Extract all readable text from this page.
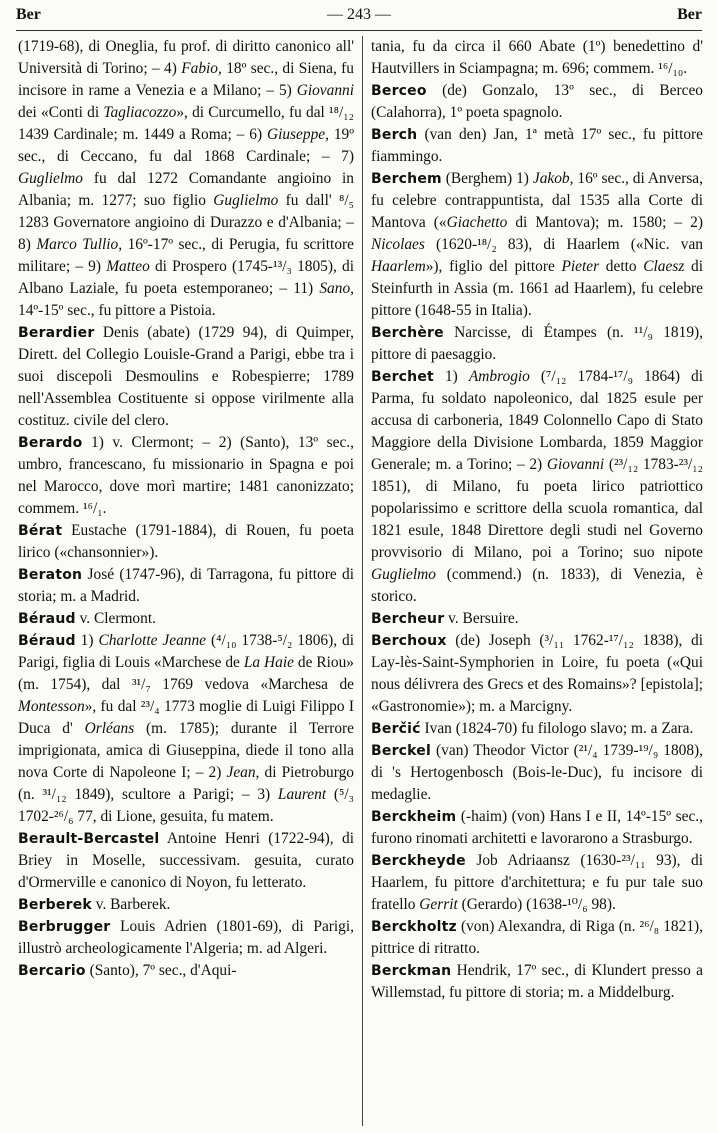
Ber	— 243 —	Ber

(1719-68), di Oneglia, fu prof. di diritto canonico all' Università di Torino; – 4) Fabio, 18º sec., di Siena, fu incisore in rame a Venezia e a Milano; – 5) Giovanni dei «Conti di Tagliacozzo», di Curcumello, fu dal ¹⁸/₁₂ 1439 Cardinale; m. 1449 a Roma; – 6) Giuseppe, 19º sec., di Ceccano, fu dal 1868 Cardinale; – 7) Guglielmo fu dal 1272 Comandante angioino in Albania; m. 1277; suo figlio Guglielmo fu dall' ⁸/₅ 1283 Governatore angioino di Durazzo e d'Albania; – 8) Marco Tullio, 16º-17º sec., di Perugia, fu scrittore militare; – 9) Matteo di Prospero (1745-¹³/₃ 1805), di Albano Laziale, fu poeta estemporaneo; – 11) Sano, 14º-15º sec., fu pittore a Pistoia.

Berardier Denis (abate) (1729 94), di Quimper, Dirett. del Collegio Louisle-Grand a Parigi, ebbe tra i suoi discepoli Desmoulins e Robespierre; 1789 nell'Assemblea Costituente si oppose virilmente alla costituz. civile del clero.

Berardo 1) v. Clermont; – 2) (Santo), 13º sec., umbro, francescano, fu missionario in Spagna e poi nel Marocco, dove morì martire; 1481 canonizzato; commem. ¹⁶/₁.

Bérat Eustache (1791-1884), di Rouen, fu poeta lirico («chansonnier»).

Beraton José (1747-96), di Tarragona, fu pittore di storia; m. a Madrid.

Béraud v. Clermont.

Béraud 1) Charlotte Jeanne (⁴/₁₀ 1738-⁵/₂ 1806), di Parigi, figlia di Louis «Marchese de La Haie de Riou» (m. 1754), dal ³¹/₇ 1769 vedova «Marchesa de Montesson», fu dal ²³/₄ 1773 moglie di Luigi Filippo I Duca d' Orléans (m. 1785); durante il Terrore imprigionata, amica di Giuseppina, diede il tono alla nova Corte di Napoleone I; – 2) Jean, di Pietroburgo (n. ³¹/₁₂ 1849), scultore a Parigi; – 3) Laurent (⁵/₃ 1702-²⁶/₆ 77, di Lione, gesuita, fu matem.

Berault-Bercastel Antoine Henri (1722-94), di Briey in Moselle, successivam. gesuita, curato d'Ormerville e canonico di Noyon, fu letterato.

Berberek v. Barberek.

Berbrugger Louis Adrien (1801-69), di Parigi, illustrò archeologicamente l'Algeria; m. ad Algeri.

Bercario (Santo), 7º sec., d'Aqui-

tania, fu da circa il 660 Abate (1º) benedettino d' Hautvillers in Sciampagna; m. 696; commem. ¹⁶/₁₀.

Berceo (de) Gonzalo, 13º sec., di Berceo (Calahorra), 1º poeta spagnolo.

Berch (van den) Jan, 1ª metà 17º sec., fu pittore fiammingo.

Berchem (Berghem) 1) Jakob, 16º sec., di Anversa, fu celebre contrappuntista, dal 1535 alla Corte di Mantova («Giachetto di Mantova); m. 1580; – 2) Nicolaes (1620-¹⁸/₂ 83), di Haarlem («Nic. van Haarlem»), figlio del pittore Pieter detto Claesz di Steinfurth in Assia (m. 1661 ad Haarlem), fu celebre pittore (1648-55 in Italia).

Berchère Narcisse, di Étampes (n. ¹¹/₉ 1819), pittore di paesaggio.

Berchet 1) Ambrogio (⁷/₁₂ 1784-¹⁷/₉ 1864) di Parma, fu soldato napoleonico, dal 1825 esule per accusa di carboneria, 1849 Colonnello Capo di Stato Maggiore della Divisione Lombarda, 1859 Maggior Generale; m. a Torino; – 2) Giovanni (²³/₁₂ 1783-²³/₁₂ 1851), di Milano, fu poeta lirico patriottico popolarissimo e scrittore della scuola romantica, dal 1821 esule, 1848 Direttore degli studi nel Governo provvisorio di Milano, poi a Torino; suo nipote Guglielmo (commend.) (n. 1833), di Venezia, è storico.

Bercheur v. Bersuire.

Berchoux (de) Joseph (³/₁₁ 1762-¹⁷/₁₂ 1838), di Lay-lès-Saint-Symphorien in Loire, fu poeta («Qui nous délivrera des Grecs et des Romains»? [epistola]; «Gastronomie»); m. a Marcigny.

Berčić Ivan (1824-70) fu filologo slavo; m. a Zara.

Berckel (van) Theodor Victor (²¹/₄ 1739-¹⁹/₉ 1808), di 's Hertogenbosch (Bois-le-Duc), fu incisore di medaglie.

Berckheim (-haim) (von) Hans I e II, 14º-15º sec., furono rinomati architetti e lavorarono a Strasburgo.

Berckheyde Job Adriaansz (1630-²³/₁₁ 93), di Haarlem, fu pittore d'architettura; e fu pur tale suo fratello Gerrit (Gerardo) (1638-¹⁰/₆ 98).

Berckholtz (von) Alexandra, di Riga (n. ²⁶/₈ 1821), pittrice di ritratto.

Berckman Hendrik, 17º sec., di Klundert presso a Willemstad, fu pittore di storia; m. a Middelburg.
